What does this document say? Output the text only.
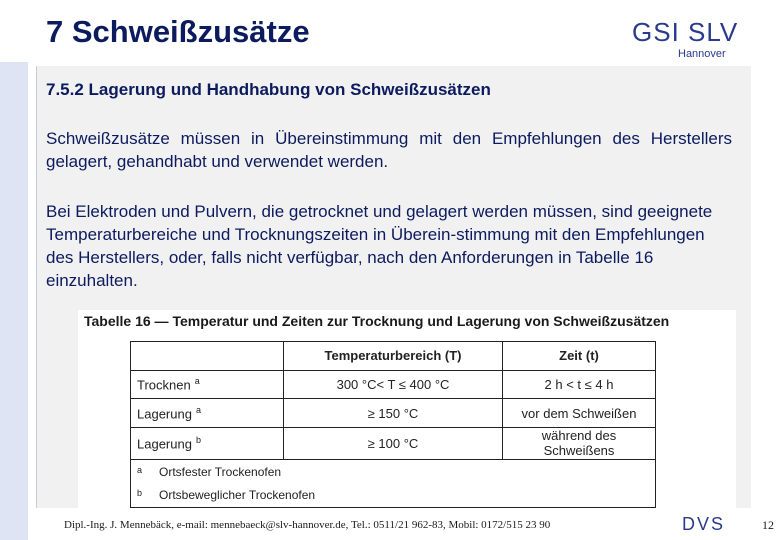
7 Schweißzusätze	GSI SLV
Hannover
7.5.2 Lagerung und Handhabung von Schweißzusätzen

Schweißzusätze müssen in Übereinstimmung mit den Empfehlungen des Herstellers gelagert, gehandhabt und verwendet werden.

Bei Elektroden und Pulvern, die getrocknet und gelagert werden müssen, sind geeignete Temperaturbereiche und Trocknungszeiten in Überein-stimmung mit den Empfehlungen des Herstellers, oder, falls nicht verfügbar, nach den Anforderungen in Tabelle 16 einzuhalten.

Tabelle 16 — Temperatur und Zeiten zur Trocknung und Lagerung von Schweißzusätzen
	Temperaturbereich (T)	Zeit (t)
Trocknen $^a$	300 °C< T ≤ 400 °C	2 h < t ≤ 4 h
Lagerung $^a$	≥ 150 °C	vor dem Schweißen
Lagerung $^b$	≥ 100 °C	während des Schweißens
a Ortsfester Trockenofen		
b Ortsbeweglicher Trockenofen		
Dipl.-Ing. J. Mennebäck, e-mail: mennebaeck@slv-hannover.de, Tel.: 0511/21 962-83, Mobil: 0172/515 23 90	DVS	12
